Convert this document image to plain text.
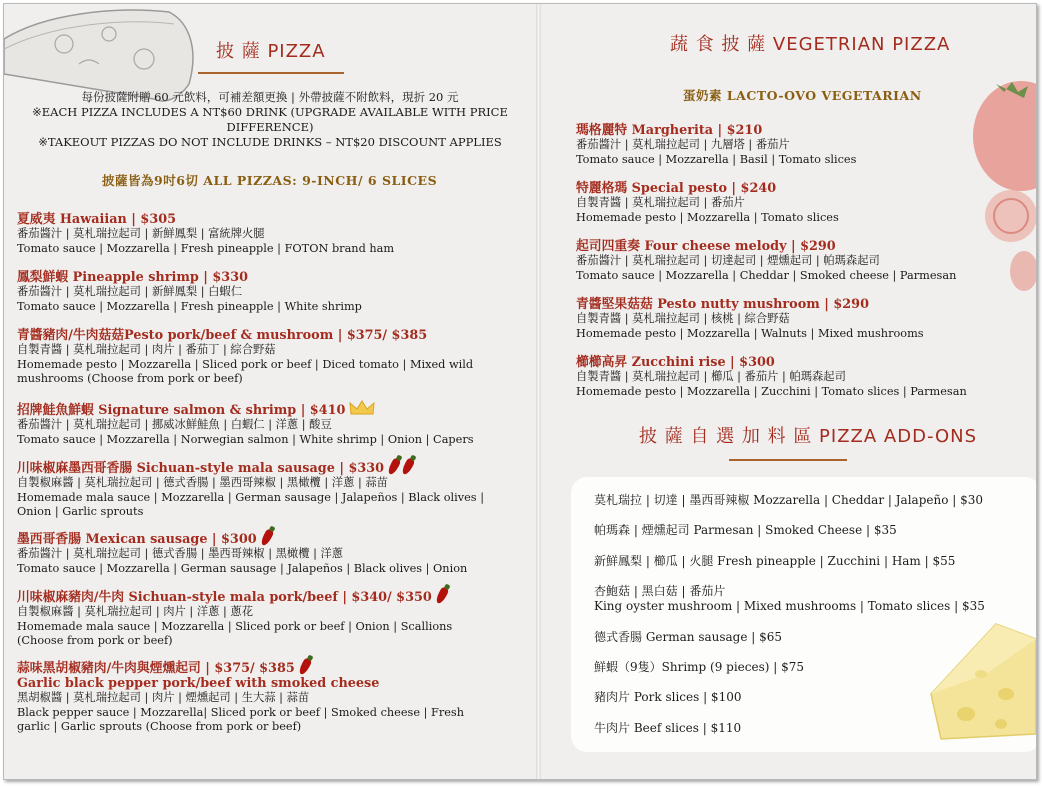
披 薩 PIZZA
每份披薩附贈 60 元飲料，可補差額更換 | 外帶披薩不附飲料，現折 20 元
※EACH PIZZA INCLUDES A NT$60 DRINK (UPGRADE AVAILABLE WITH PRICE
DIFFERENCE)
※TAKEOUT PIZZAS DO NOT INCLUDE DRINKS – NT$20 DISCOUNT APPLIES
披薩皆為9吋6切 ALL PIZZAS: 9-INCH/ 6 SLICES
夏威夷 Hawaiian | $305
番茄醬汁 | 莫札瑞拉起司 | 新鮮鳳梨 | 富統牌火腿
Tomato sauce | Mozzarella | Fresh pineapple | FOTON brand ham
鳳梨鮮蝦 Pineapple shrimp | $330
番茄醬汁 | 莫札瑞拉起司 | 新鮮鳳梨 | 白蝦仁
Tomato sauce | Mozzarella | Fresh pineapple | White shrimp
青醬豬肉/牛肉菇菇Pesto pork/beef & mushroom | $375/ $385
自製青醬 | 莫札瑞拉起司 | 肉片 | 番茄丁 | 綜合野菇
Homemade pesto | Mozzarella | Sliced pork or beef | Diced tomato | Mixed wild
mushrooms (Choose from pork or beef)
招牌鮭魚鮮蝦 Signature salmon & shrimp | $410
番茄醬汁 | 莫札瑞拉起司 | 挪威冰鮮鮭魚 | 白蝦仁 | 洋蔥 | 酸豆
Tomato sauce | Mozzarella | Norwegian salmon | White shrimp | Onion | Capers
川味椒麻墨西哥香腸 Sichuan-style mala sausage | $330
自製椒麻醬 | 莫札瑞拉起司 | 德式香腸 | 墨西哥辣椒 | 黑橄欖 | 洋蔥 | 蒜苗
Homemade mala sauce | Mozzarella | German sausage | Jalapeños | Black olives |
Onion | Garlic sprouts
墨西哥香腸 Mexican sausage | $300
番茄醬汁 | 莫札瑞拉起司 | 德式香腸 | 墨西哥辣椒 | 黑橄欖 | 洋蔥
Tomato sauce | Mozzarella | German sausage | Jalapeños | Black olives | Onion
川味椒麻豬肉/牛肉 Sichuan-style mala pork/beef | $340/ $350
自製椒麻醬 | 莫札瑞拉起司 | 肉片 | 洋蔥 | 蔥花
Homemade mala sauce | Mozzarella | Sliced pork or beef | Onion | Scallions
(Choose from pork or beef)
蒜味黑胡椒豬肉/牛肉與煙燻起司 | $375/ $385
Garlic black pepper pork/beef with smoked cheese
黑胡椒醬 | 莫札瑞拉起司 | 肉片 | 煙燻起司 | 生大蒜 | 蒜苗
Black pepper sauce | Mozzarella| Sliced pork or beef | Smoked cheese | Fresh
garlic | Garlic sprouts (Choose from pork or beef)
蔬 食 披 薩 VEGETRIAN PIZZA
蛋奶素 LACTO-OVO VEGETARIAN
瑪格麗特 Margherita | $210
番茄醬汁 | 莫札瑞拉起司 | 九層塔 | 番茄片
Tomato sauce | Mozzarella | Basil | Tomato slices
特麗格瑪 Special pesto | $240
自製青醬 | 莫札瑞拉起司 | 番茄片
Homemade pesto | Mozzarella | Tomato slices
起司四重奏 Four cheese melody | $290
番茄醬汁 | 莫札瑞拉起司 | 切達起司 | 煙燻起司 | 帕瑪森起司
Tomato sauce | Mozzarella | Cheddar | Smoked cheese | Parmesan
青醬堅果菇菇 Pesto nutty mushroom | $290
自製青醬 | 莫札瑞拉起司 | 核桃 | 綜合野菇
Homemade pesto | Mozzarella | Walnuts | Mixed mushrooms
櫛櫛高昇 Zucchini rise | $300
自製青醬 | 莫札瑞拉起司 | 櫛瓜 | 番茄片 | 帕瑪森起司
Homemade pesto | Mozzarella | Zucchini | Tomato slices | Parmesan
披 薩 自 選 加 料 區 PIZZA ADD-ONS
莫札瑞拉 | 切達 | 墨西哥辣椒 Mozzarella | Cheddar | Jalapeño | $30
帕瑪森 | 煙燻起司 Parmesan | Smoked Cheese | $35
新鮮鳳梨 | 櫛瓜 | 火腿 Fresh pineapple | Zucchini | Ham | $55
杏鮑菇 | 黑白菇 | 番茄片
King oyster mushroom | Mixed mushrooms | Tomato slices | $35
德式香腸 German sausage | $65
鮮蝦（9隻）Shrimp (9 pieces) | $75
豬肉片 Pork slices | $100
牛肉片 Beef slices | $110
